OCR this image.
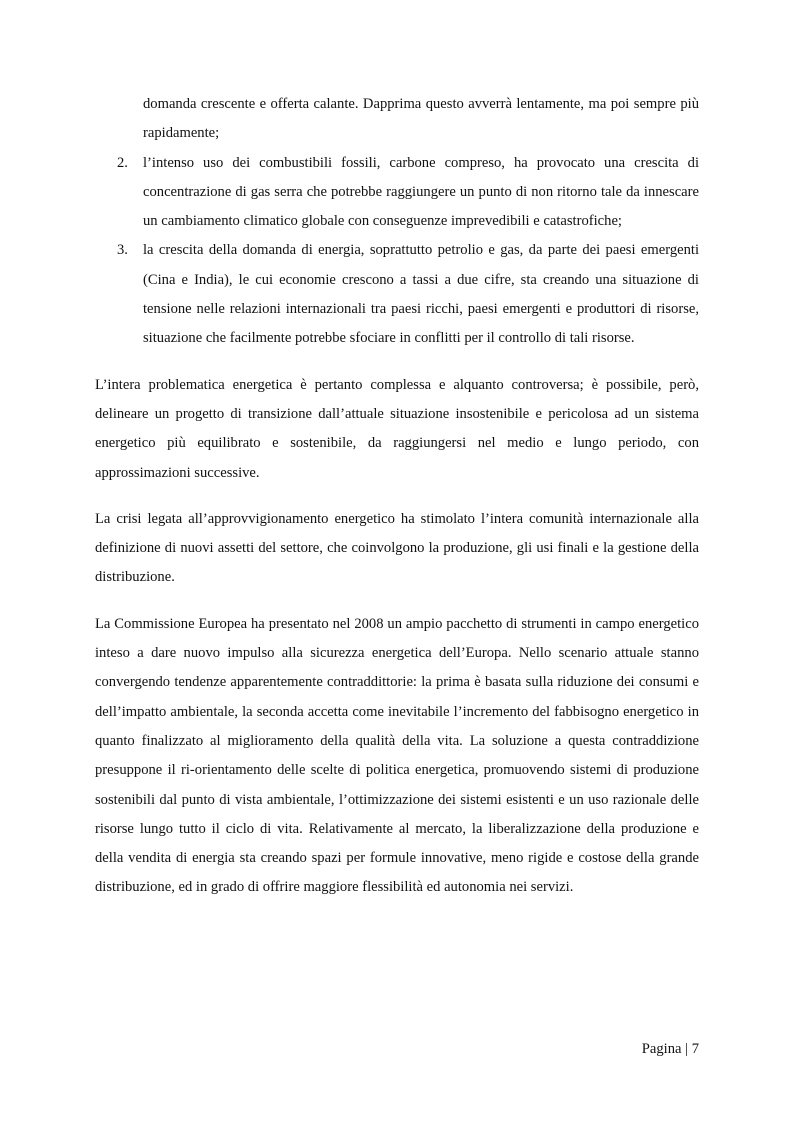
domanda crescente e offerta calante. Dapprima questo avverrà lentamente, ma poi sempre più rapidamente;

2. l’intenso uso dei combustibili fossili, carbone compreso, ha provocato una crescita di concentrazione di gas serra che potrebbe raggiungere un punto di non ritorno tale da innescare un cambiamento climatico globale con conseguenze imprevedibili e catastrofiche;
3. la crescita della domanda di energia, soprattutto petrolio e gas, da parte dei paesi emergenti (Cina e India), le cui economie crescono a tassi a due cifre, sta creando una situazione di tensione nelle relazioni internazionali tra paesi ricchi, paesi emergenti e produttori di risorse, situazione che facilmente potrebbe sfociare in conflitti per il controllo di tali risorse.

L’intera problematica energetica è pertanto complessa e alquanto controversa; è possibile, però, delineare un progetto di transizione dall’attuale situazione insostenibile e pericolosa ad un sistema energetico più equilibrato e sostenibile, da raggiungersi nel medio e lungo periodo, con approssimazioni successive.

La crisi legata all’approvvigionamento energetico ha stimolato l’intera comunità internazionale alla definizione di nuovi assetti del settore, che coinvolgono la produzione, gli usi finali e la gestione della distribuzione.

La Commissione Europea ha presentato nel 2008 un ampio pacchetto di strumenti in campo energetico inteso a dare nuovo impulso alla sicurezza energetica dell’Europa. Nello scenario attuale stanno convergendo tendenze apparentemente contraddittorie: la prima è basata sulla riduzione dei consumi e dell’impatto ambientale, la seconda accetta come inevitabile l’incremento del fabbisogno energetico in quanto finalizzato al miglioramento della qualità della vita. La soluzione a questa contraddizione presuppone il ri-orientamento delle scelte di politica energetica, promuovendo sistemi di produzione sostenibili dal punto di vista ambientale, l’ottimizzazione dei sistemi esistenti e un uso razionale delle risorse lungo tutto il ciclo di vita. Relativamente al mercato, la liberalizzazione della produzione e della vendita di energia sta creando spazi per formule innovative, meno rigide e costose della grande distribuzione, ed in grado di offrire maggiore flessibilità ed autonomia nei servizi.

Pagina | 7
